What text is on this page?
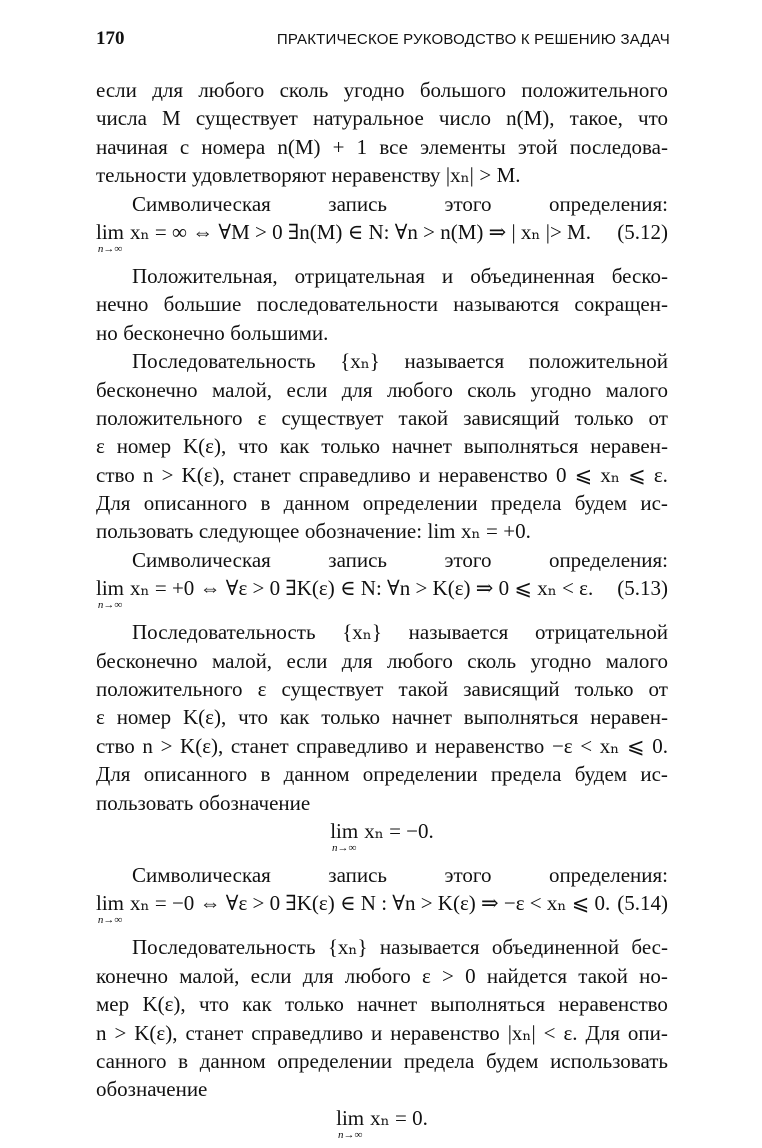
170	ПРАКТИЧЕСКОЕ РУКОВОДСТВО К РЕШЕНИЮ ЗАДАЧ
если для любого сколь угодно большого положительного
числа M существует натуральное число n(M), такое, что
начиная с номера n(M) + 1 все элементы этой последова-
тельности удовлетворяют неравенству |xₙ| > M.
Символическая	запись	этого	определения:
lim
n→∞
xₙ = ∞ ⇔ ∀M > 0 ∃n(M) ∈ N: ∀n > n(M) ⇒ | xₙ |> M. (5.12)
Положительная, отрицательная и объединенная беско-
нечно большие последовательности называются сокращен-
но бесконечно большими.
Последовательность {xₙ} называется положительной
бесконечно малой, если для любого сколь угодно малого
положительного ε существует такой зависящий только от
ε номер K(ε), что как только начнет выполняться нерaвен-
ство n > K(ε), станет справедливо и неравенство 0 ⩽ xₙ ⩽ ε.
Для описанного в данном определении предела будем ис-
пользовать следующее обозначение: lim xₙ = +0.
Символическая	запись	этого	определения:
lim
n→∞
xₙ = +0 ⇔ ∀ε > 0 ∃K(ε) ∈ N: ∀n > K(ε) ⇒ 0 ⩽ xₙ < ε. (5.13)
Последовательность {xₙ} называется отрицательной
бесконечно малой, если для любого сколь угодно малого
положительного ε существует такой зависящий только от
ε номер K(ε), что как только начнет выполняться неравен-
ство n > K(ε), станет справедливо и неравенство −ε < xₙ ⩽ 0.
Для описанного в данном определении предела будем ис-
пользовать обозначение
lim
n→∞
xₙ = −0.
Символическая	запись	этого	определения:
lim
n→∞
xₙ = −0 ⇔ ∀ε > 0 ∃K(ε) ∈ N : ∀n > K(ε) ⇒ −ε < xₙ ⩽ 0. (5.14)
Последовательность {xₙ} называется объединенной бес-
конечно малой, если для любого ε > 0 найдется такой но-
мер K(ε), что как только начнет выполняться неравенство
n > K(ε), станет справедливо и неравенство |xₙ| < ε. Для опи-
санного в данном определении предела будем использовать
обозначение
lim
n→∞
xₙ = 0.
